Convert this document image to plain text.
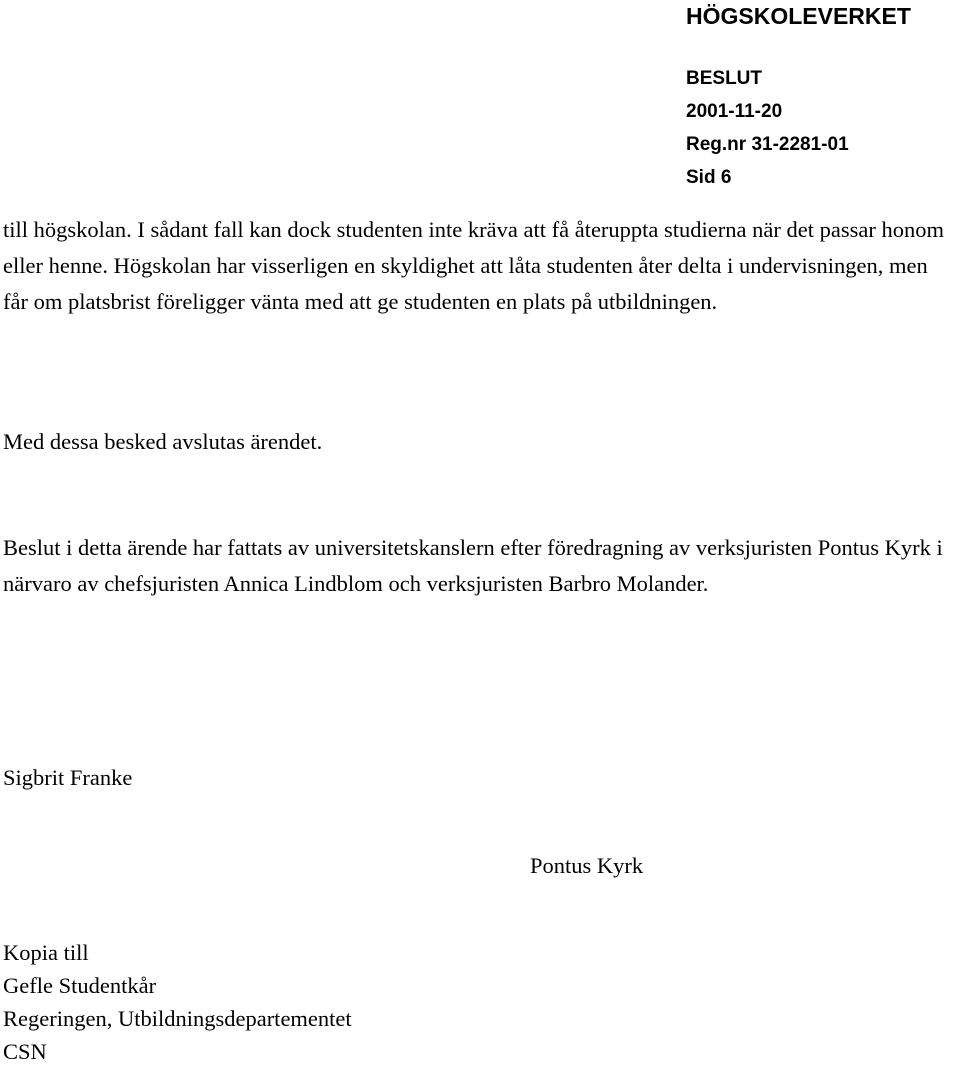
HÖGSKOLEVERKET
BESLUT
2001-11-20
Reg.nr 31-2281-01
Sid 6

till högskolan. I sådant fall kan dock studenten inte kräva att få återuppta studierna när det passar honom eller henne. Högskolan har visserligen en skyldighet att låta studenten åter delta i undervisningen, men får om platsbrist föreligger vänta med att ge studenten en plats på utbildningen.

Med dessa besked avslutas ärendet.

Beslut i detta ärende har fattats av universitetskanslern efter föredragning av verksjuristen Pontus Kyrk i närvaro av chefsjuristen Annica Lindblom och verksjuristen Barbro Molander.

Sigbrit Franke

Pontus Kyrk

Kopia till
Gefle Studentkår
Regeringen, Utbildningsdepartementet
CSN
